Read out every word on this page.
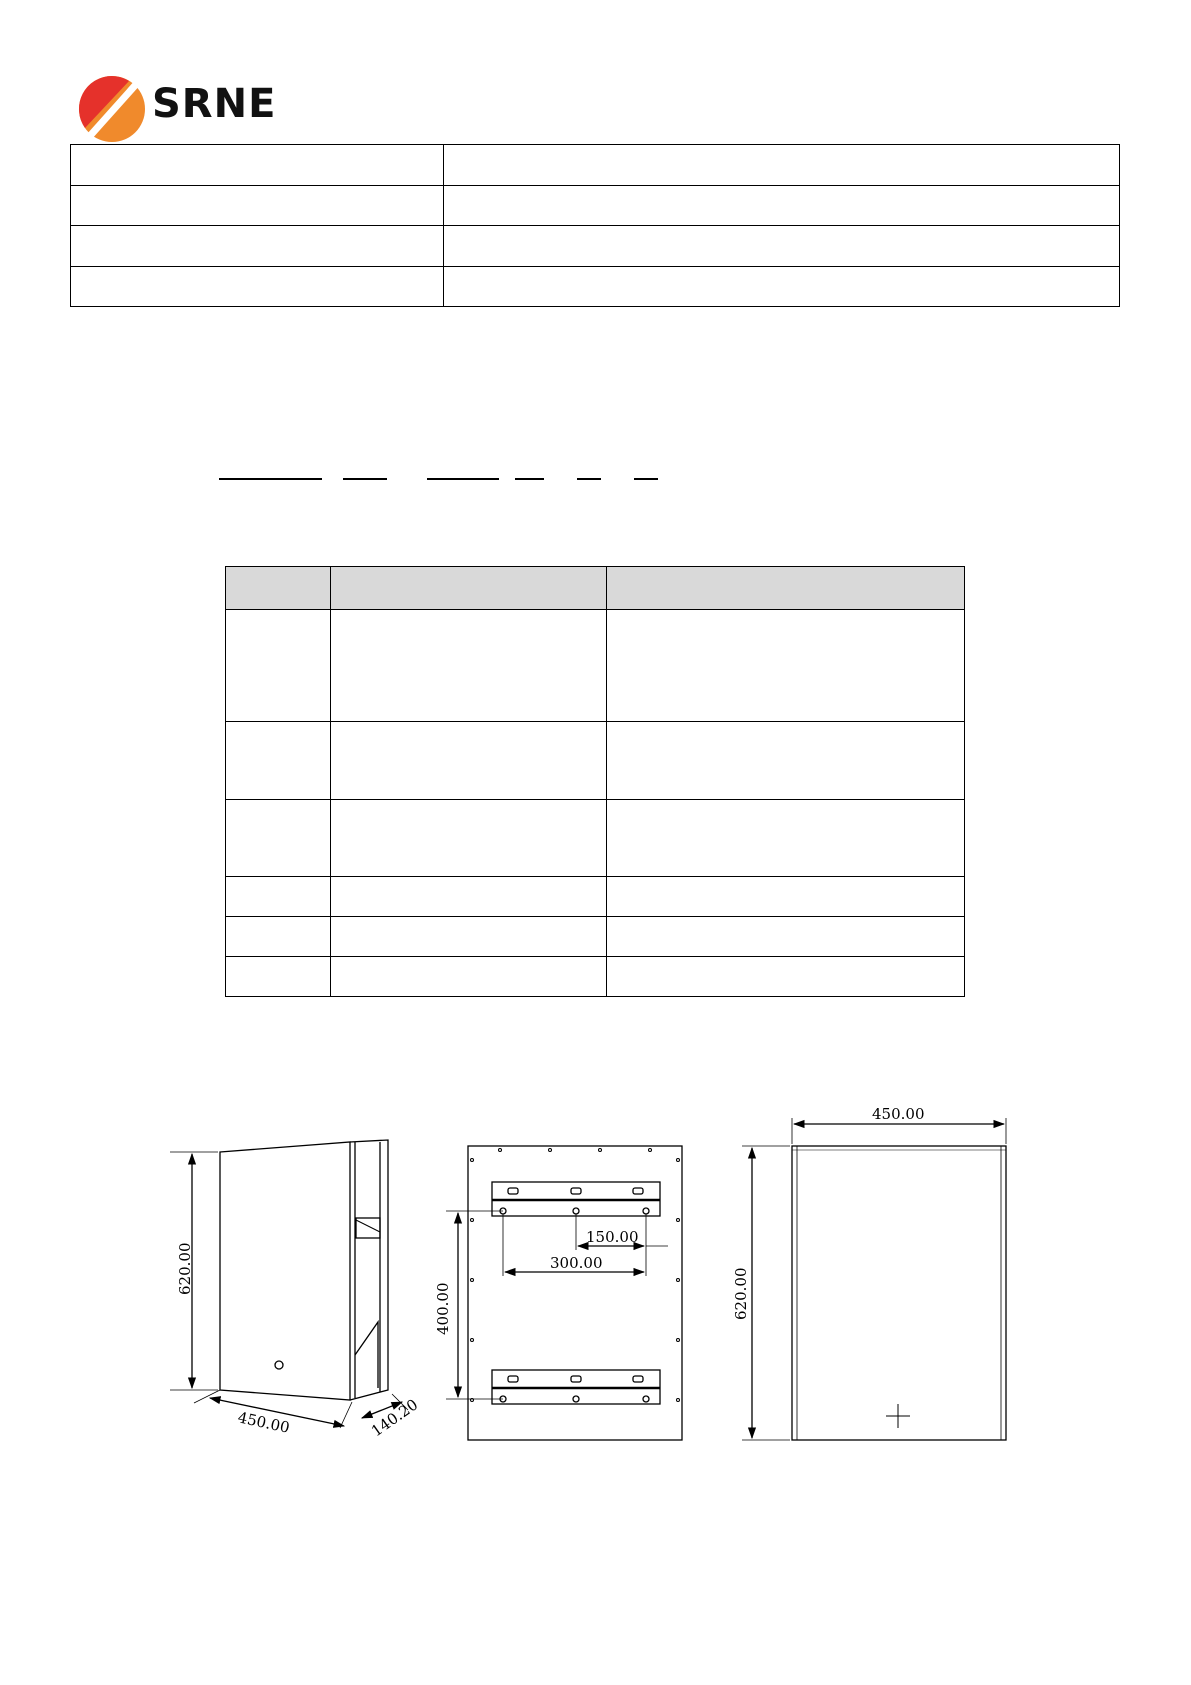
SRNE

620.00
450.00	140.20
400.00
150.00
300.00
450.00
620.00
